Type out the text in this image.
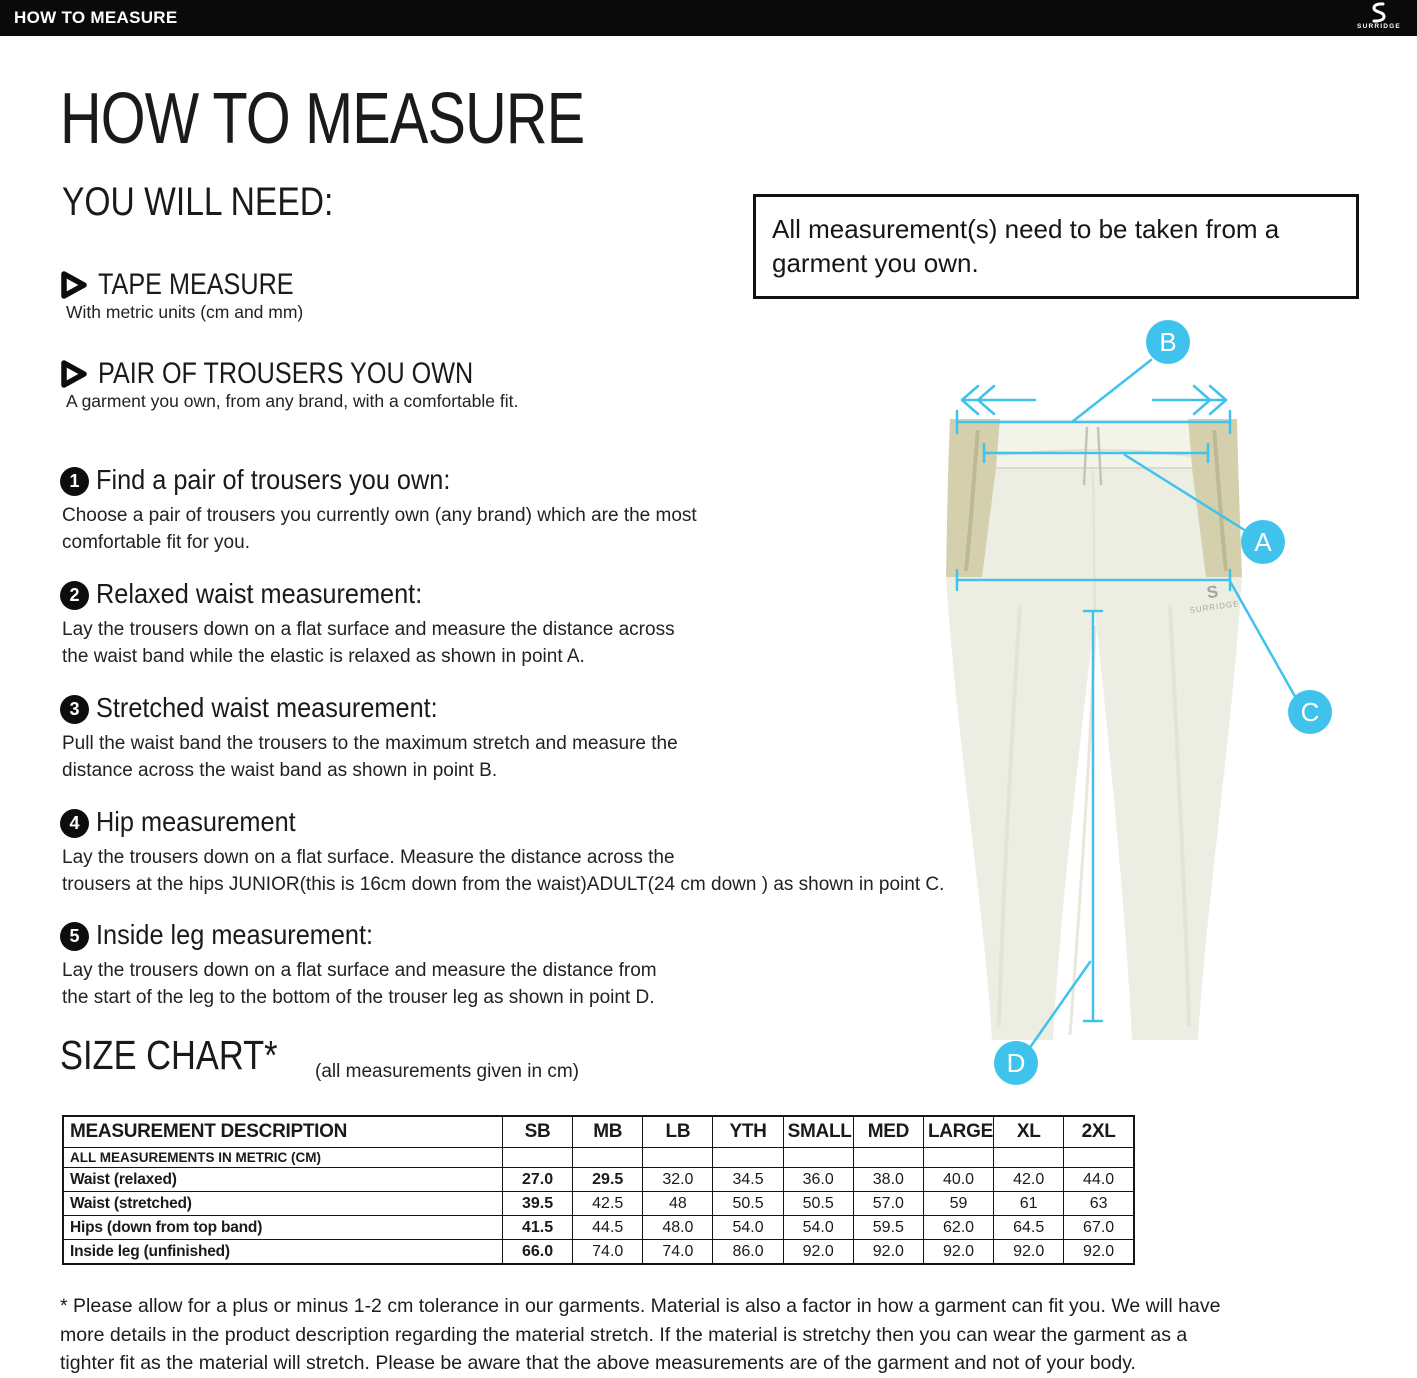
HOW TO MEASURE	SURRIDGE
HOW TO MEASURE
YOU WILL NEED:
TAPE MEASURE
With metric units (cm and mm)
PAIR OF TROUSERS YOU OWN
A garment you own, from any brand, with a comfortable fit.
All measurement(s) need to be taken from a
garment you own.
1 Find a pair of trousers you own:
Choose a pair of trousers you currently own (any brand) which are the most
comfortable fit for you.
2 Relaxed waist measurement:
Lay the trousers down on a flat surface and measure the distance across
the waist band while the elastic is relaxed as shown in point A.
3 Stretched waist measurement:
Pull the waist band the trousers to the maximum stretch and measure the
distance across the waist band as shown in point B.
4 Hip measurement
Lay the trousers down on a flat surface. Measure the distance across the
trousers at the hips JUNIOR(this is 16cm down from the waist)ADULT(24 cm down ) as shown in point C.
5 Inside leg measurement:
Lay the trousers down on a flat surface and measure the distance from
the start of the leg to the bottom of the trouser leg as shown in point D.
S
SURRIDGE
B
A
C
D
SIZE CHART*	(all measurements given in cm)
MEASUREMENT DESCRIPTION	SB	MB	LB	YTH	SMALL	MED	LARGE	XL	2XL
ALL MEASUREMENTS IN METRIC (CM)									
Waist (relaxed)	27.0	29.5	32.0	34.5	36.0	38.0	40.0	42.0	44.0
Waist (stretched)	39.5	42.5	48	50.5	50.5	57.0	59	61	63
Hips (down from top band)	41.5	44.5	48.0	54.0	54.0	59.5	62.0	64.5	67.0
Inside leg (unfinished)	66.0	74.0	74.0	86.0	92.0	92.0	92.0	92.0	92.0
* Please allow for a plus or minus 1-2 cm tolerance in our garments. Material is also a factor in how a garment can fit you. We will have
more details in the product description regarding the material stretch. If the material is stretchy then you can wear the garment as a
tighter fit as the material will stretch. Please be aware that the above measurements are of the garment and not of your body.
